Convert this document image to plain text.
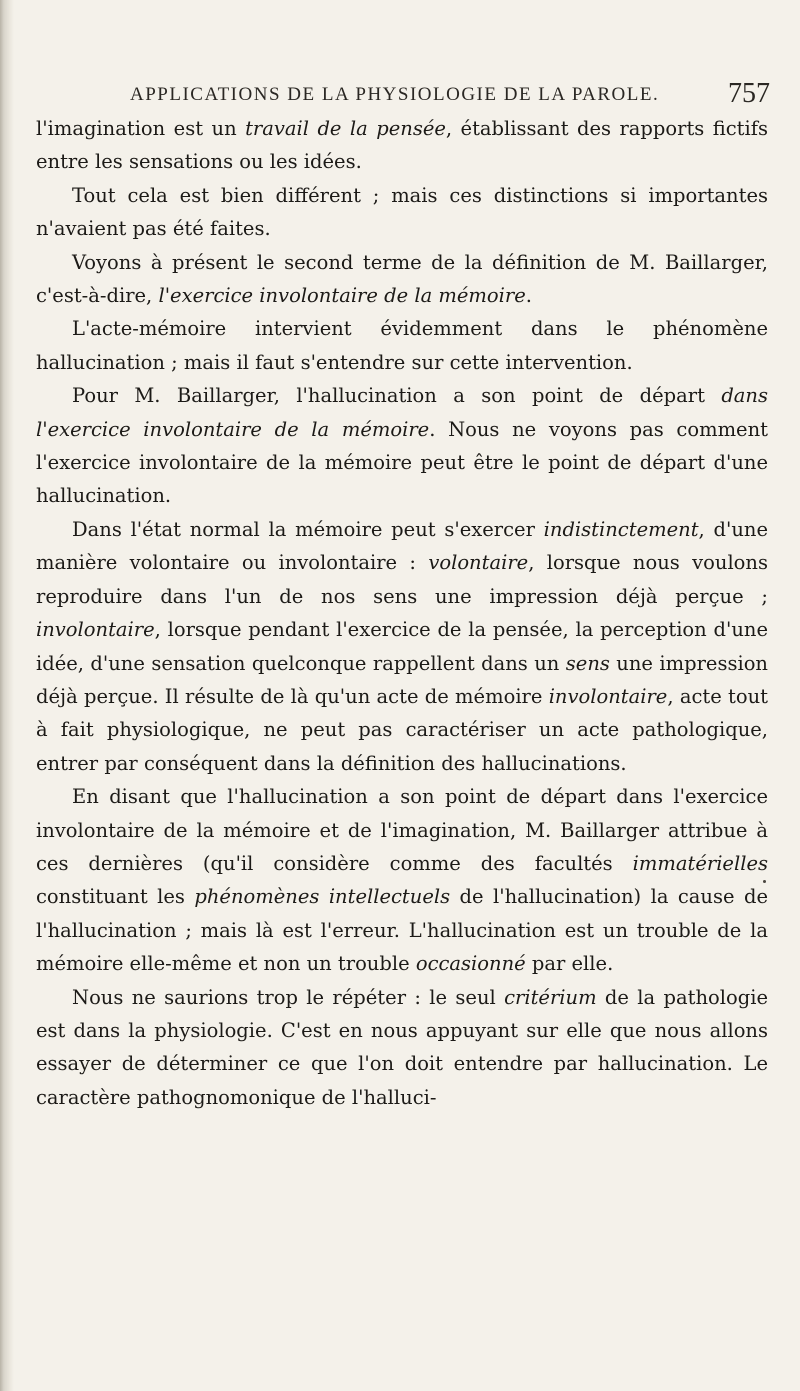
APPLICATIONS DE LA PHYSIOLOGIE DE LA PAROLE. 757

l'imagination est un travail de la pensée, établissant des rapports fictifs entre les sensations ou les idées.

Tout cela est bien différent ; mais ces distinctions si importantes n'avaient pas été faites.

Voyons à présent le second terme de la définition de M. Baillarger, c'est-à-dire, l'exercice involontaire de la mémoire.

L'acte-mémoire intervient évidemment dans le phénomène hallucination ; mais il faut s'entendre sur cette intervention.

Pour M. Baillarger, l'hallucination a son point de départ dans l'exercice involontaire de la mémoire. Nous ne voyons pas comment l'exercice involontaire de la mémoire peut être le point de départ d'une hallucination.

Dans l'état normal la mémoire peut s'exercer indistinctement, d'une manière volontaire ou involontaire : volontaire, lorsque nous voulons reproduire dans l'un de nos sens une impression déjà perçue ; involontaire, lorsque pendant l'exercice de la pensée, la perception d'une idée, d'une sensation quelconque rappellent dans un sens une impression déjà perçue. Il résulte de là qu'un acte de mémoire involontaire, acte tout à fait physiologique, ne peut pas caractériser un acte pathologique, entrer par conséquent dans la définition des hallucinations.

En disant que l'hallucination a son point de départ dans l'exercice involontaire de la mémoire et de l'imagination, M. Baillarger attribue à ces dernières (qu'il considère comme des facultés immatérielles constituant les phénomènes intellectuels de l'hallucination) la cause de l'hallucination ; mais là est l'erreur. L'hallucination est un trouble de la mémoire elle-même et non un trouble occasionné par elle.

Nous ne saurions trop le répéter : le seul critérium de la pathologie est dans la physiologie. C'est en nous appuyant sur elle que nous allons essayer de déterminer ce que l'on doit entendre par hallucination. Le caractère pathognomonique de l'halluci-
